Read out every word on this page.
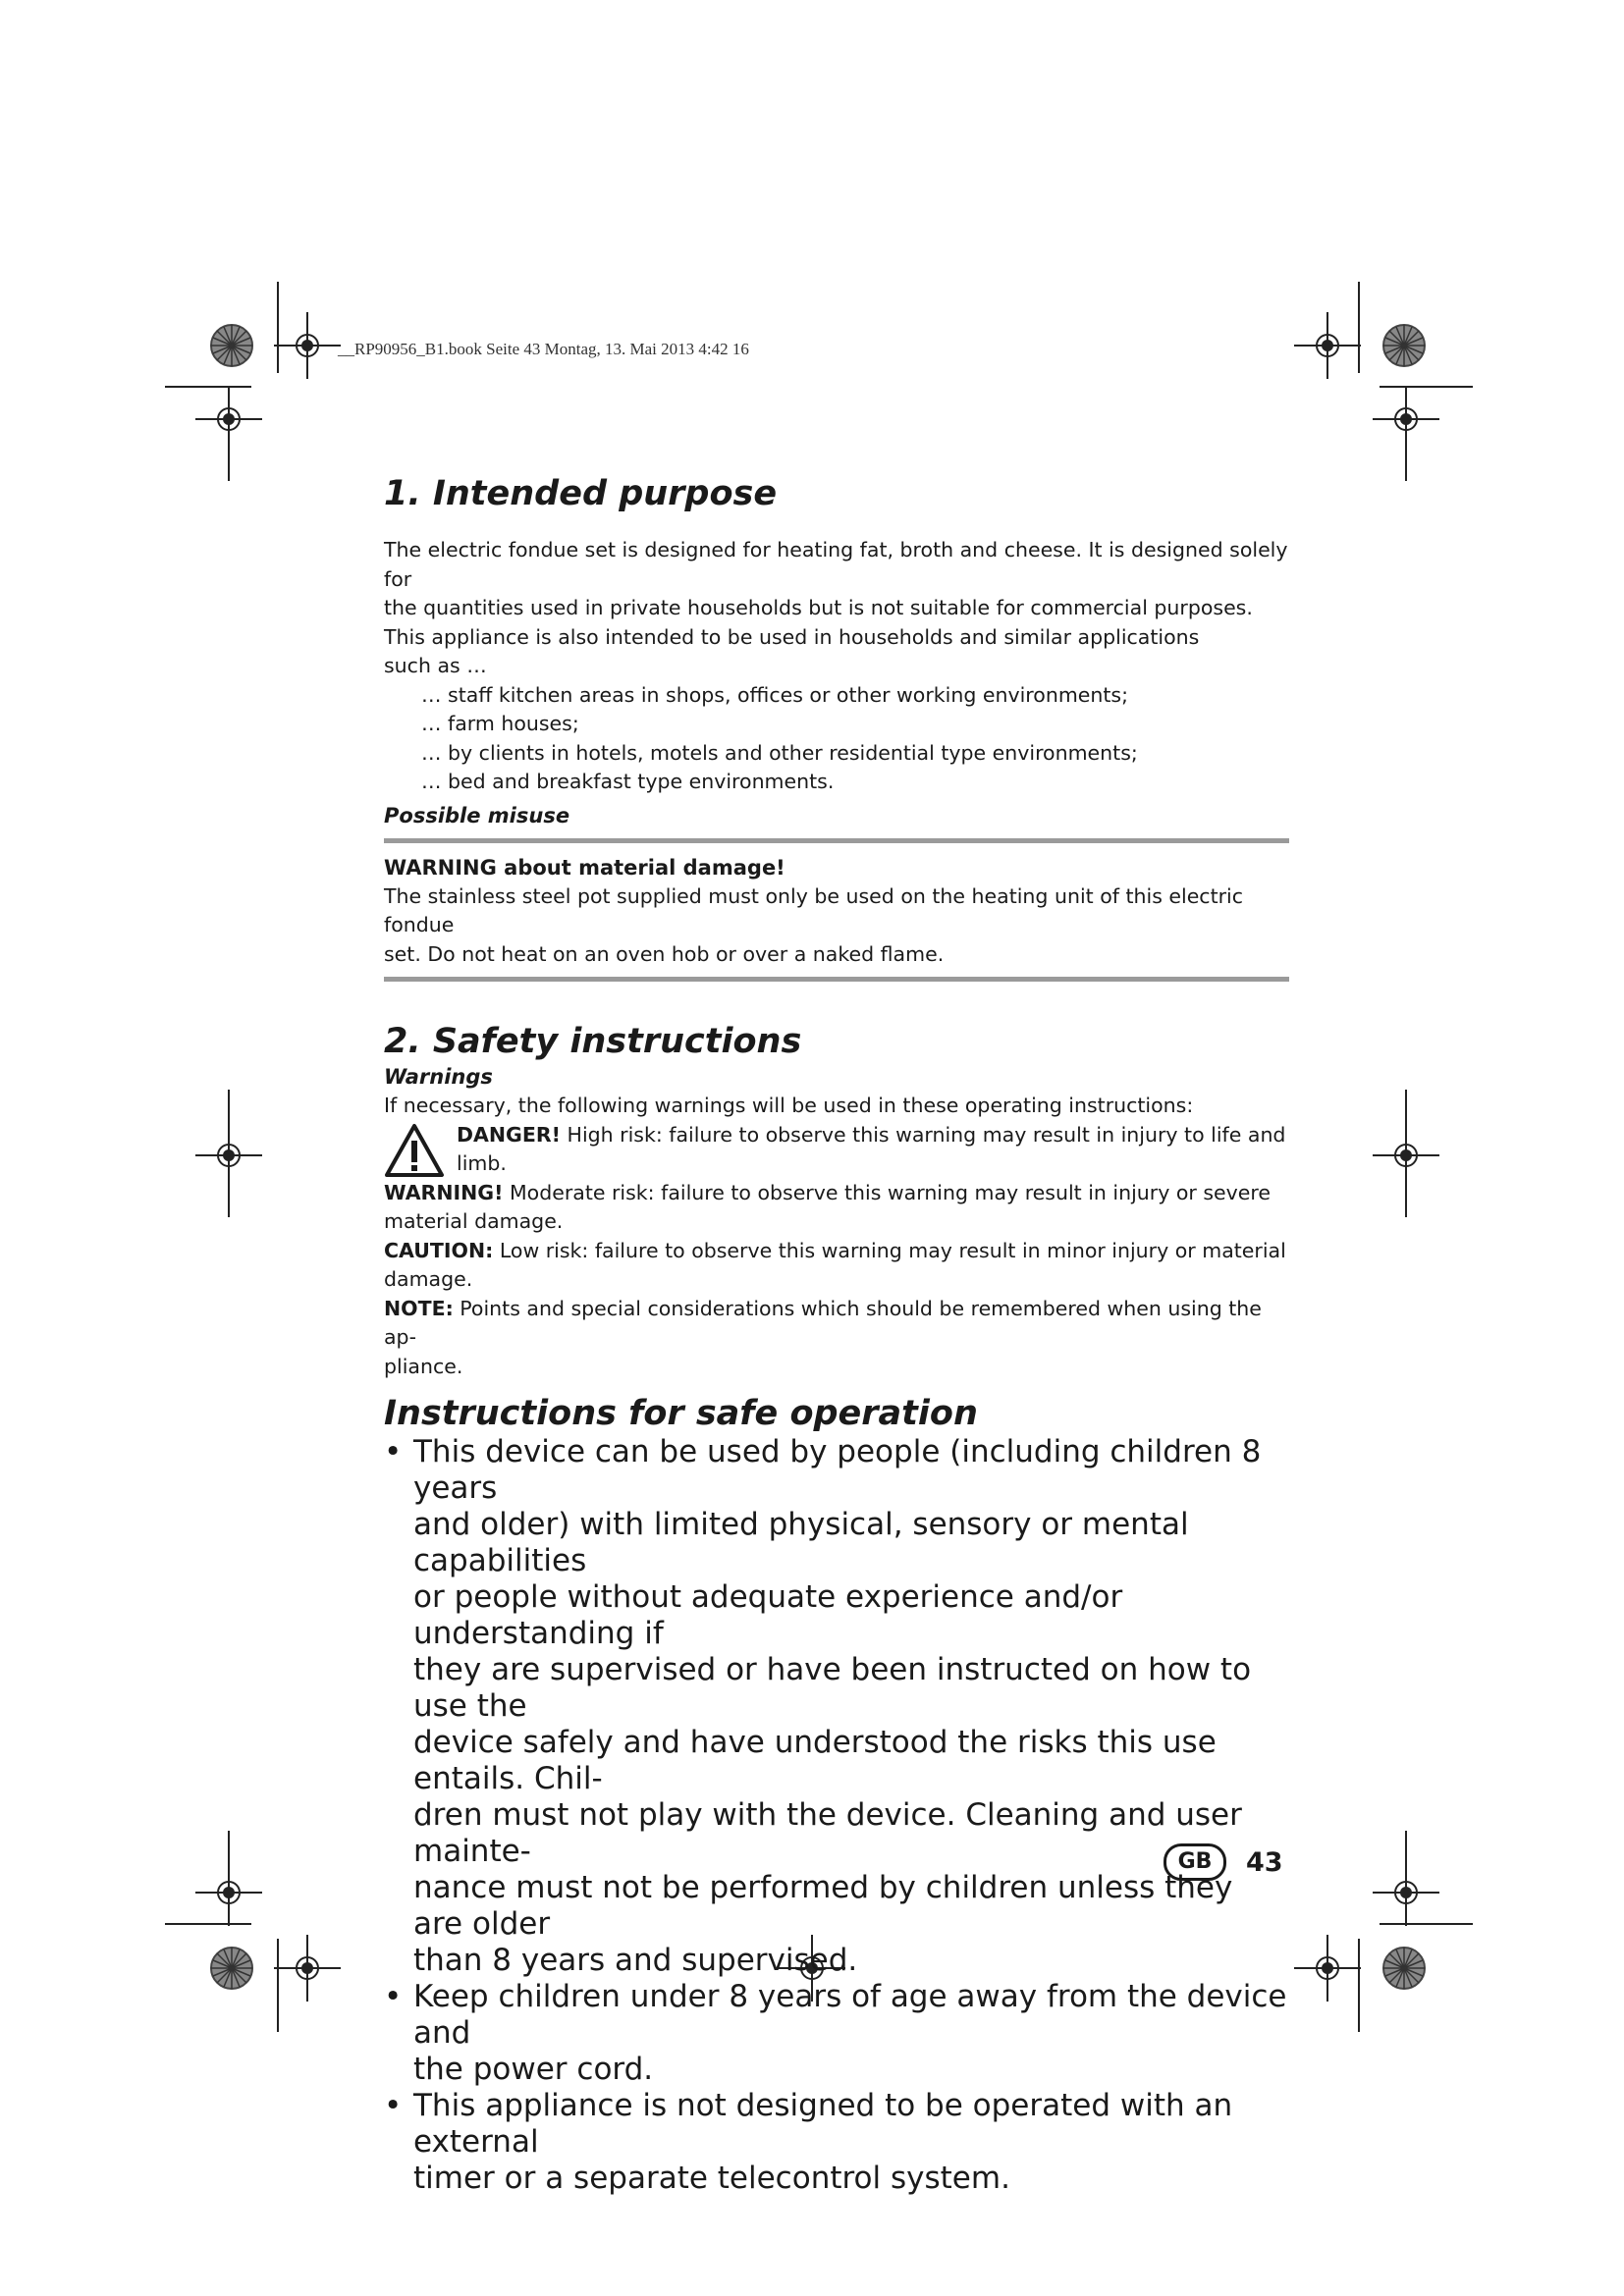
__RP90956_B1.book Seite 43 Montag, 13. Mai 2013 4:42 16
1. Intended purpose

The electric fondue set is designed for heating fat, broth and cheese. It is designed solely for

the quantities used in private households but is not suitable for commercial purposes.

This appliance is also intended to be used in households and similar applications

such as …

… staff kitchen areas in shops, offices or other working environments;

… farm houses;

… by clients in hotels, motels and other residential type environments;

… bed and breakfast type environments.

Possible misuse

WARNING about material damage!

The stainless steel pot supplied must only be used on the heating unit of this electric fondue

set. Do not heat on an oven hob or over a naked flame.

2. Safety instructions

Warnings

If necessary, the following warnings will be used in these operating instructions:

DANGER! High risk: failure to observe this warning may result in injury to life and

limb.

WARNING! Moderate risk: failure to observe this warning may result in injury or severe

material damage.

CAUTION: Low risk: failure to observe this warning may result in minor injury or material

damage.

NOTE: Points and special considerations which should be remembered when using the ap-

pliance.

Instructions for safe operation
• This device can be used by people (including children 8 years
and older) with limited physical, sensory or mental capabilities
or people without adequate experience and/or understanding if
they are supervised or have been instructed on how to use the
device safely and have understood the risks this use entails. Chil-
dren must not play with the device. Cleaning and user mainte-
nance must not be performed by children unless they are older
than 8 years and supervised.
• Keep children under 8 years of age away from the device and
the power cord.
• This appliance is not designed to be operated with an external
timer or a separate telecontrol system.
GB	43
